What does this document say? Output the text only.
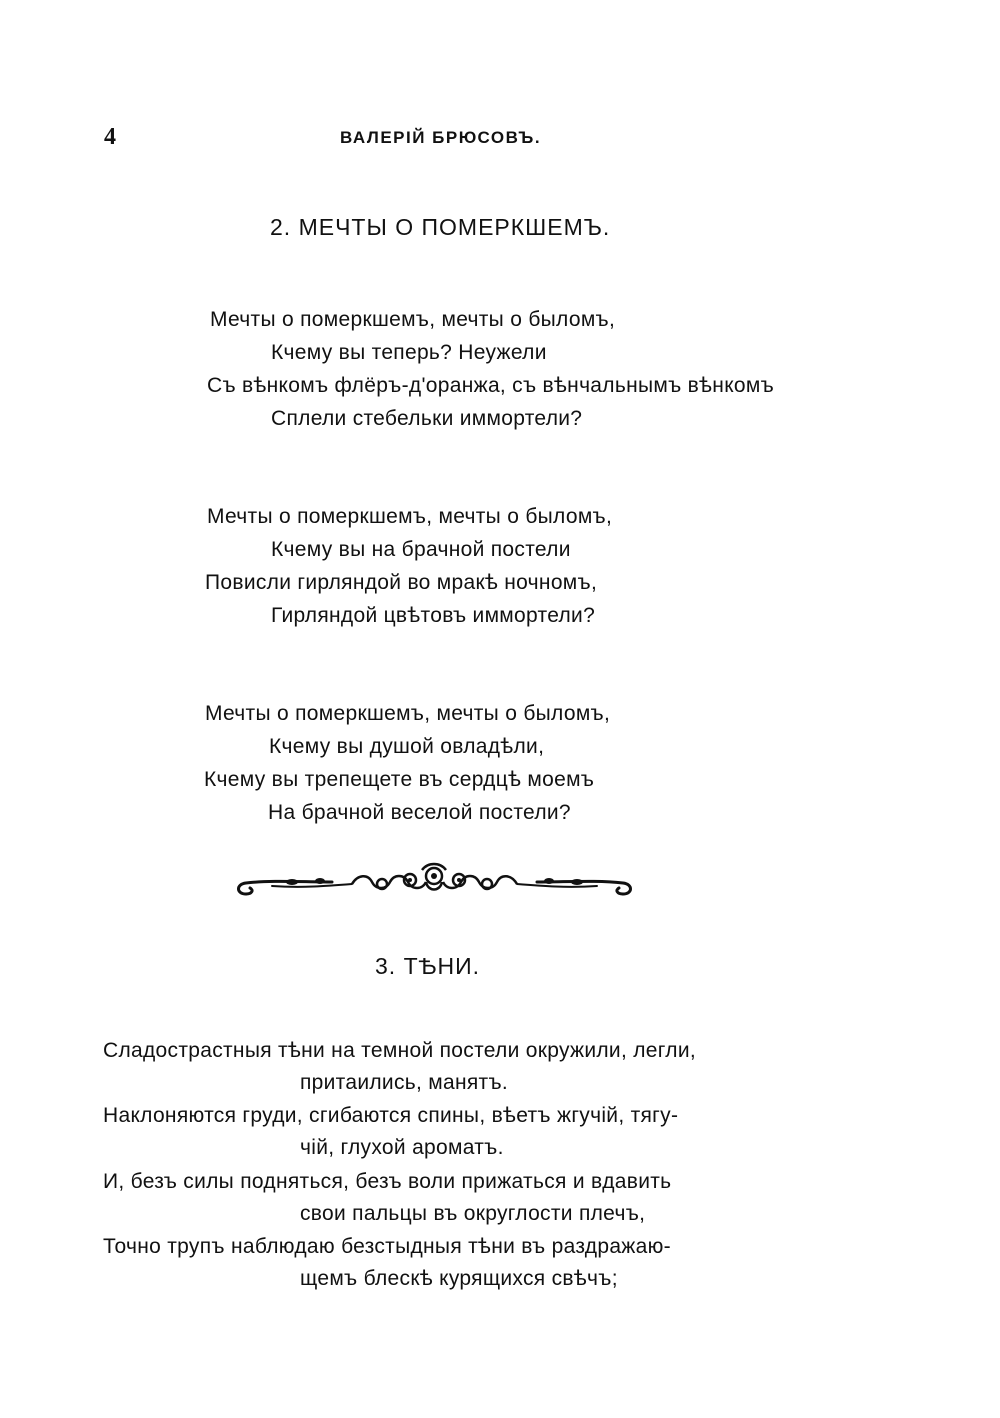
4	ВАЛЕРІЙ БРЮСОВЪ.
2. МЕЧТЫ О ПОМЕРКШЕМЪ.
Мечты о померкшемъ, мечты о быломъ,
Кчему вы теперь? Неужели
Съ вѣнкомъ флёръ-д'оранжа, съ вѣнчальнымъ вѣнкомъ
Сплели стебельки иммортели?
Мечты о померкшемъ, мечты о быломъ,
Кчему вы на брачной постели
Повисли гирляндой во мракѣ ночномъ,
Гирляндой цвѣтовъ иммортели?
Мечты о померкшемъ, мечты о быломъ,
Кчему вы душой овладѣли,
Кчему вы трепещете въ сердцѣ моемъ
На брачной веселой постели?
3. ТѢНИ.
Сладострастныя тѣни на темной постели окружили, легли,
притаились, манятъ.
Наклоняются груди, сгибаются спины, вѣетъ жгучій, тягу-
чій, глухой ароматъ.
И, безъ силы подняться, безъ воли прижаться и вдавить
свои пальцы въ округлости плечъ,
Точно трупъ наблюдаю безстыдныя тѣни въ раздражаю-
щемъ блескѣ курящихся свѣчъ;
